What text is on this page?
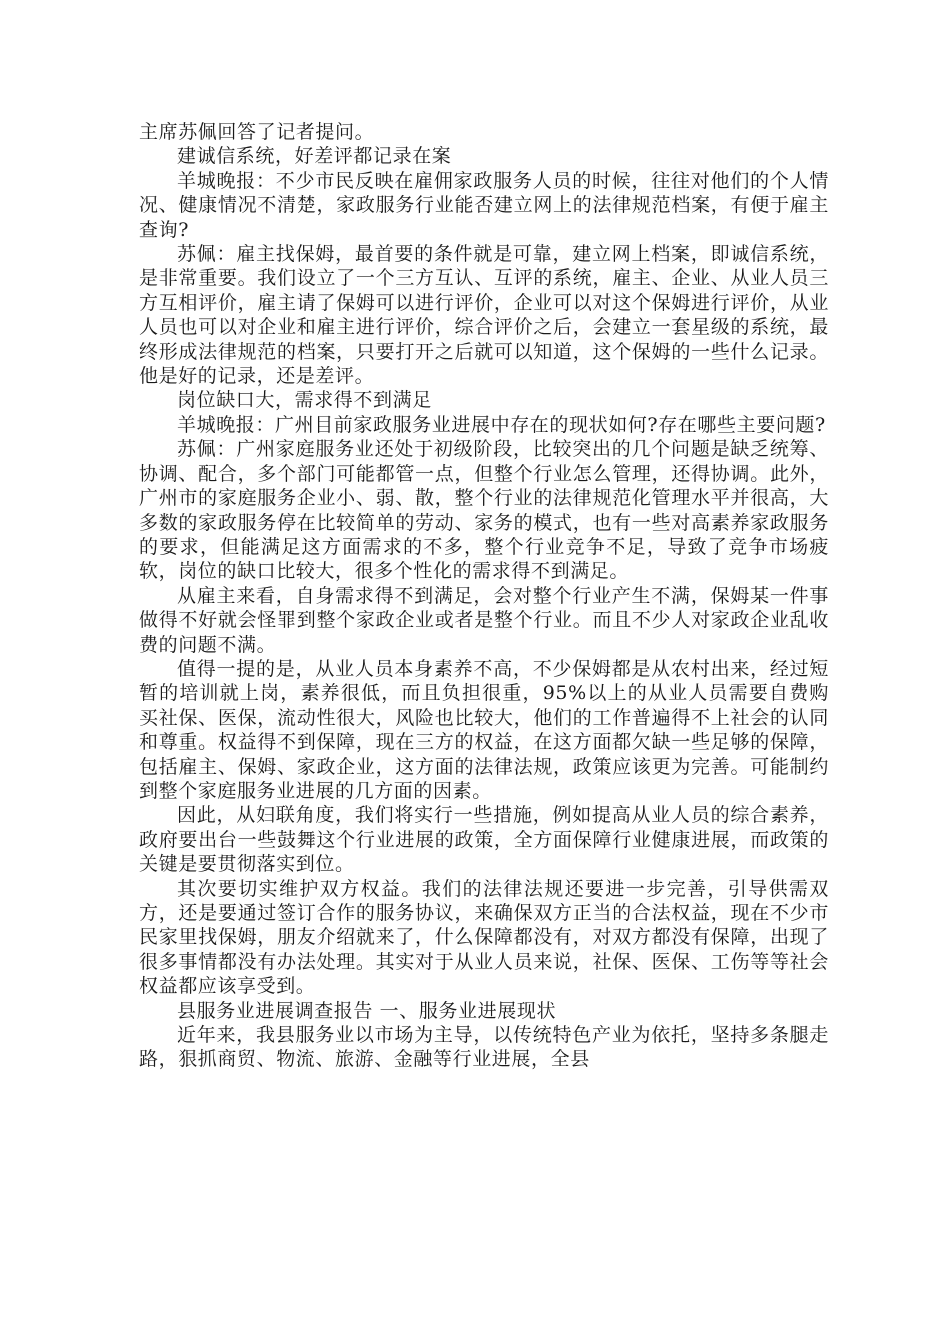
主席苏佩回答了记者提问。

建诚信系统，好差评都记录在案

羊城晚报：不少市民反映在雇佣家政服务人员的时候，往往对他们的个人情况、健康情况不清楚，家政服务行业能否建立网上的法律规范档案，有便于雇主查询?

苏佩：雇主找保姆，最首要的条件就是可靠，建立网上档案，即诚信系统，是非常重要。我们设立了一个三方互认、互评的系统，雇主、企业、从业人员三方互相评价，雇主请了保姆可以进行评价，企业可以对这个保姆进行评价，从业人员也可以对企业和雇主进行评价，综合评价之后，会建立一套星级的系统，最终形成法律规范的档案，只要打开之后就可以知道，这个保姆的一些什么记录。他是好的记录，还是差评。

岗位缺口大，需求得不到满足

羊城晚报：广州目前家政服务业进展中存在的现状如何?存在哪些主要问题?

苏佩：广州家庭服务业还处于初级阶段，比较突出的几个问题是缺乏统筹、协调、配合，多个部门可能都管一点，但整个行业怎么管理，还得协调。此外，广州市的家庭服务企业小、弱、散，整个行业的法律规范化管理水平并很高，大多数的家政服务停在比较简单的劳动、家务的模式，也有一些对高素养家政服务的要求，但能满足这方面需求的不多，整个行业竞争不足，导致了竞争市场疲软，岗位的缺口比较大，很多个性化的需求得不到满足。

从雇主来看，自身需求得不到满足，会对整个行业产生不满，保姆某一件事做得不好就会怪罪到整个家政企业或者是整个行业。而且不少人对家政企业乱收费的问题不满。

值得一提的是，从业人员本身素养不高，不少保姆都是从农村出来，经过短暂的培训就上岗，素养很低，而且负担很重，95%以上的从业人员需要自费购买社保、医保，流动性很大，风险也比较大，他们的工作普遍得不上社会的认同和尊重。权益得不到保障，现在三方的权益，在这方面都欠缺一些足够的保障，包括雇主、保姆、家政企业，这方面的法律法规，政策应该更为完善。可能制约到整个家庭服务业进展的几方面的因素。

因此，从妇联角度，我们将实行一些措施，例如提高从业人员的综合素养，政府要出台一些鼓舞这个行业进展的政策，全方面保障行业健康进展，而政策的关键是要贯彻落实到位。

其次要切实维护双方权益。我们的法律法规还要进一步完善，引导供需双方，还是要通过签订合作的服务协议，来确保双方正当的合法权益，现在不少市民家里找保姆，朋友介绍就来了，什么保障都没有，对双方都没有保障，出现了很多事情都没有办法处理。其实对于从业人员来说，社保、医保、工伤等等社会权益都应该享受到。

县服务业进展调查报告 一、服务业进展现状

近年来，我县服务业以市场为主导，以传统特色产业为依托，坚持多条腿走路，狠抓商贸、物流、旅游、金融等行业进展，全县
